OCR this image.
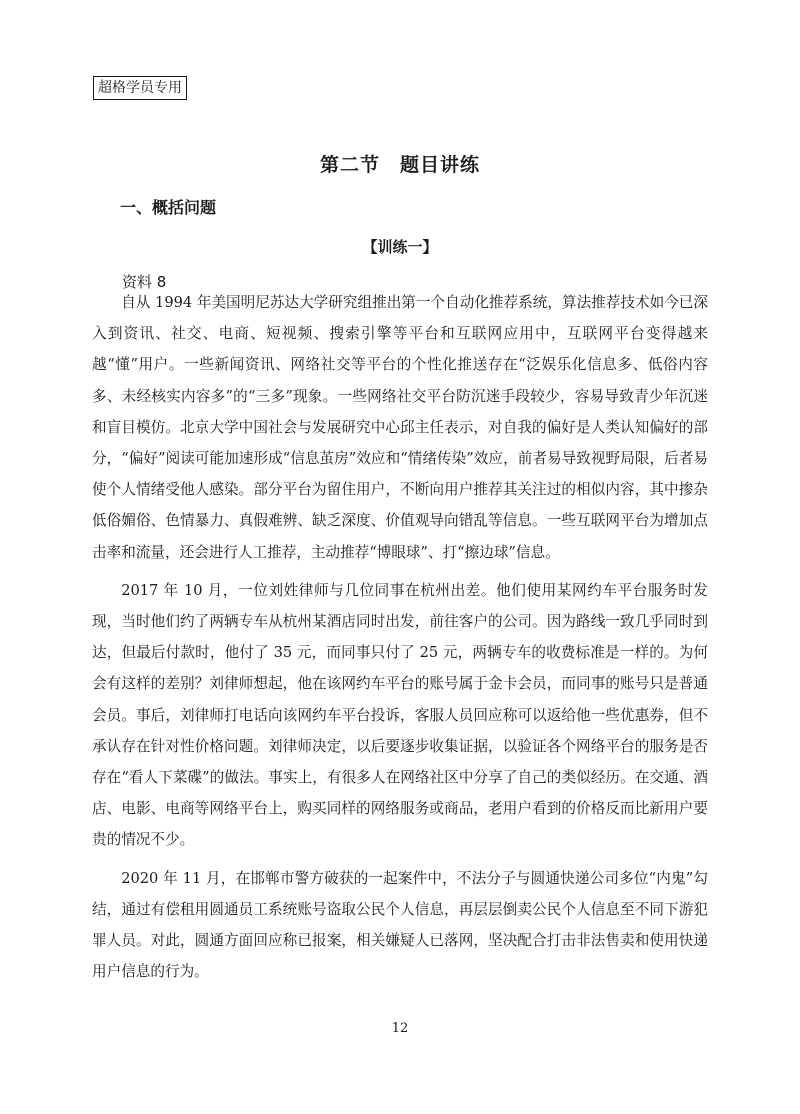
超格学员专用
第二节　题目讲练
一、概括问题
【训练一】
资料 8

自从 1994 年美国明尼苏达大学研究组推出第一个自动化推荐系统，算法推荐技术如今已深入到资讯、社交、电商、短视频、搜索引擎等平台和互联网应用中，互联网平台变得越来越“懂”用户。一些新闻资讯、网络社交等平台的个性化推送存在“泛娱乐化信息多、低俗内容多、未经核实内容多”的“三多”现象。一些网络社交平台防沉迷手段较少，容易导致青少年沉迷和盲目模仿。北京大学中国社会与发展研究中心邱主任表示，对自我的偏好是人类认知偏好的部分，“偏好”阅读可能加速形成“信息茧房”效应和“情绪传染”效应，前者易导致视野局限，后者易使个人情绪受他人感染。部分平台为留住用户，不断向用户推荐其关注过的相似内容，其中掺杂低俗媚俗、色情暴力、真假难辨、缺乏深度、价值观导向错乱等信息。一些互联网平台为增加点击率和流量，还会进行人工推荐，主动推荐“博眼球”、打“擦边球”信息。

2017 年 10 月，一位刘姓律师与几位同事在杭州出差。他们使用某网约车平台服务时发现，当时他们约了两辆专车从杭州某酒店同时出发，前往客户的公司。因为路线一致几乎同时到达，但最后付款时，他付了 35 元，而同事只付了 25 元，两辆专车的收费标准是一样的。为何会有这样的差别？刘律师想起，他在该网约车平台的账号属于金卡会员，而同事的账号只是普通会员。事后，刘律师打电话向该网约车平台投诉，客服人员回应称可以返给他一些优惠券，但不承认存在针对性价格问题。刘律师决定，以后要逐步收集证据，以验证各个网络平台的服务是否存在“看人下菜碟”的做法。事实上，有很多人在网络社区中分享了自己的类似经历。在交通、酒店、电影、电商等网络平台上，购买同样的网络服务或商品，老用户看到的价格反而比新用户要贵的情况不少。

2020 年 11 月，在邯郸市警方破获的一起案件中，不法分子与圆通快递公司多位“内鬼”勾结，通过有偿租用圆通员工系统账号盗取公民个人信息，再层层倒卖公民个人信息至不同下游犯罪人员。对此，圆通方面回应称已报案，相关嫌疑人已落网，坚决配合打击非法售卖和使用快递用户信息的行为。

12
